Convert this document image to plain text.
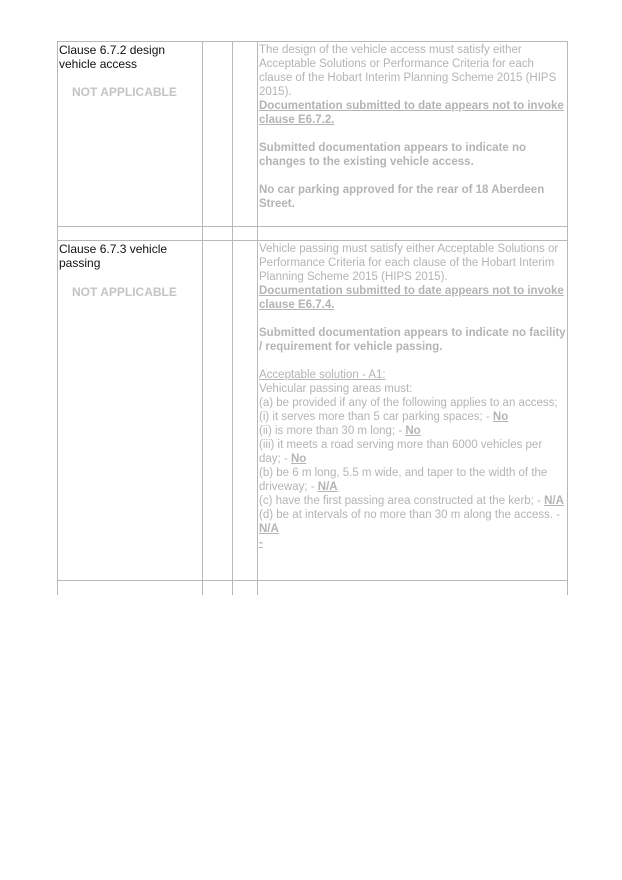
Clause 6.7.2 design vehicle access
NOT APPLICABLE

The design of the vehicle access must satisfy either Acceptable Solutions or Performance Criteria for each clause of the Hobart Interim Planning Scheme 2015 (HIPS 2015).

Documentation submitted to date appears not to invoke clause E6.7.2.

Submitted documentation appears to indicate no changes to the existing vehicle access.

No car parking approved for the rear of 18 Aberdeen Street.

Clause 6.7.3 vehicle passing
NOT APPLICABLE

Vehicle passing must satisfy either Acceptable Solutions or Performance Criteria for each clause of the Hobart Interim Planning Scheme 2015 (HIPS 2015).

Documentation submitted to date appears not to invoke clause E6.7.4.

Submitted documentation appears to indicate no facility / requirement for vehicle passing.

Acceptable solution - A1:

Vehicular passing areas must:

(a) be provided if any of the following applies to an access;

(i) it serves more than 5 car parking spaces; - No

(ii) is more than 30 m long; - No

(iii) it meets a road serving more than 6000 vehicles per day; - No

(b) be 6 m long, 5.5 m wide, and taper to the width of the driveway; - N/A

(c) have the first passing area constructed at the kerb; - N/A

(d) be at intervals of no more than 30 m along the access. - N/A

-
